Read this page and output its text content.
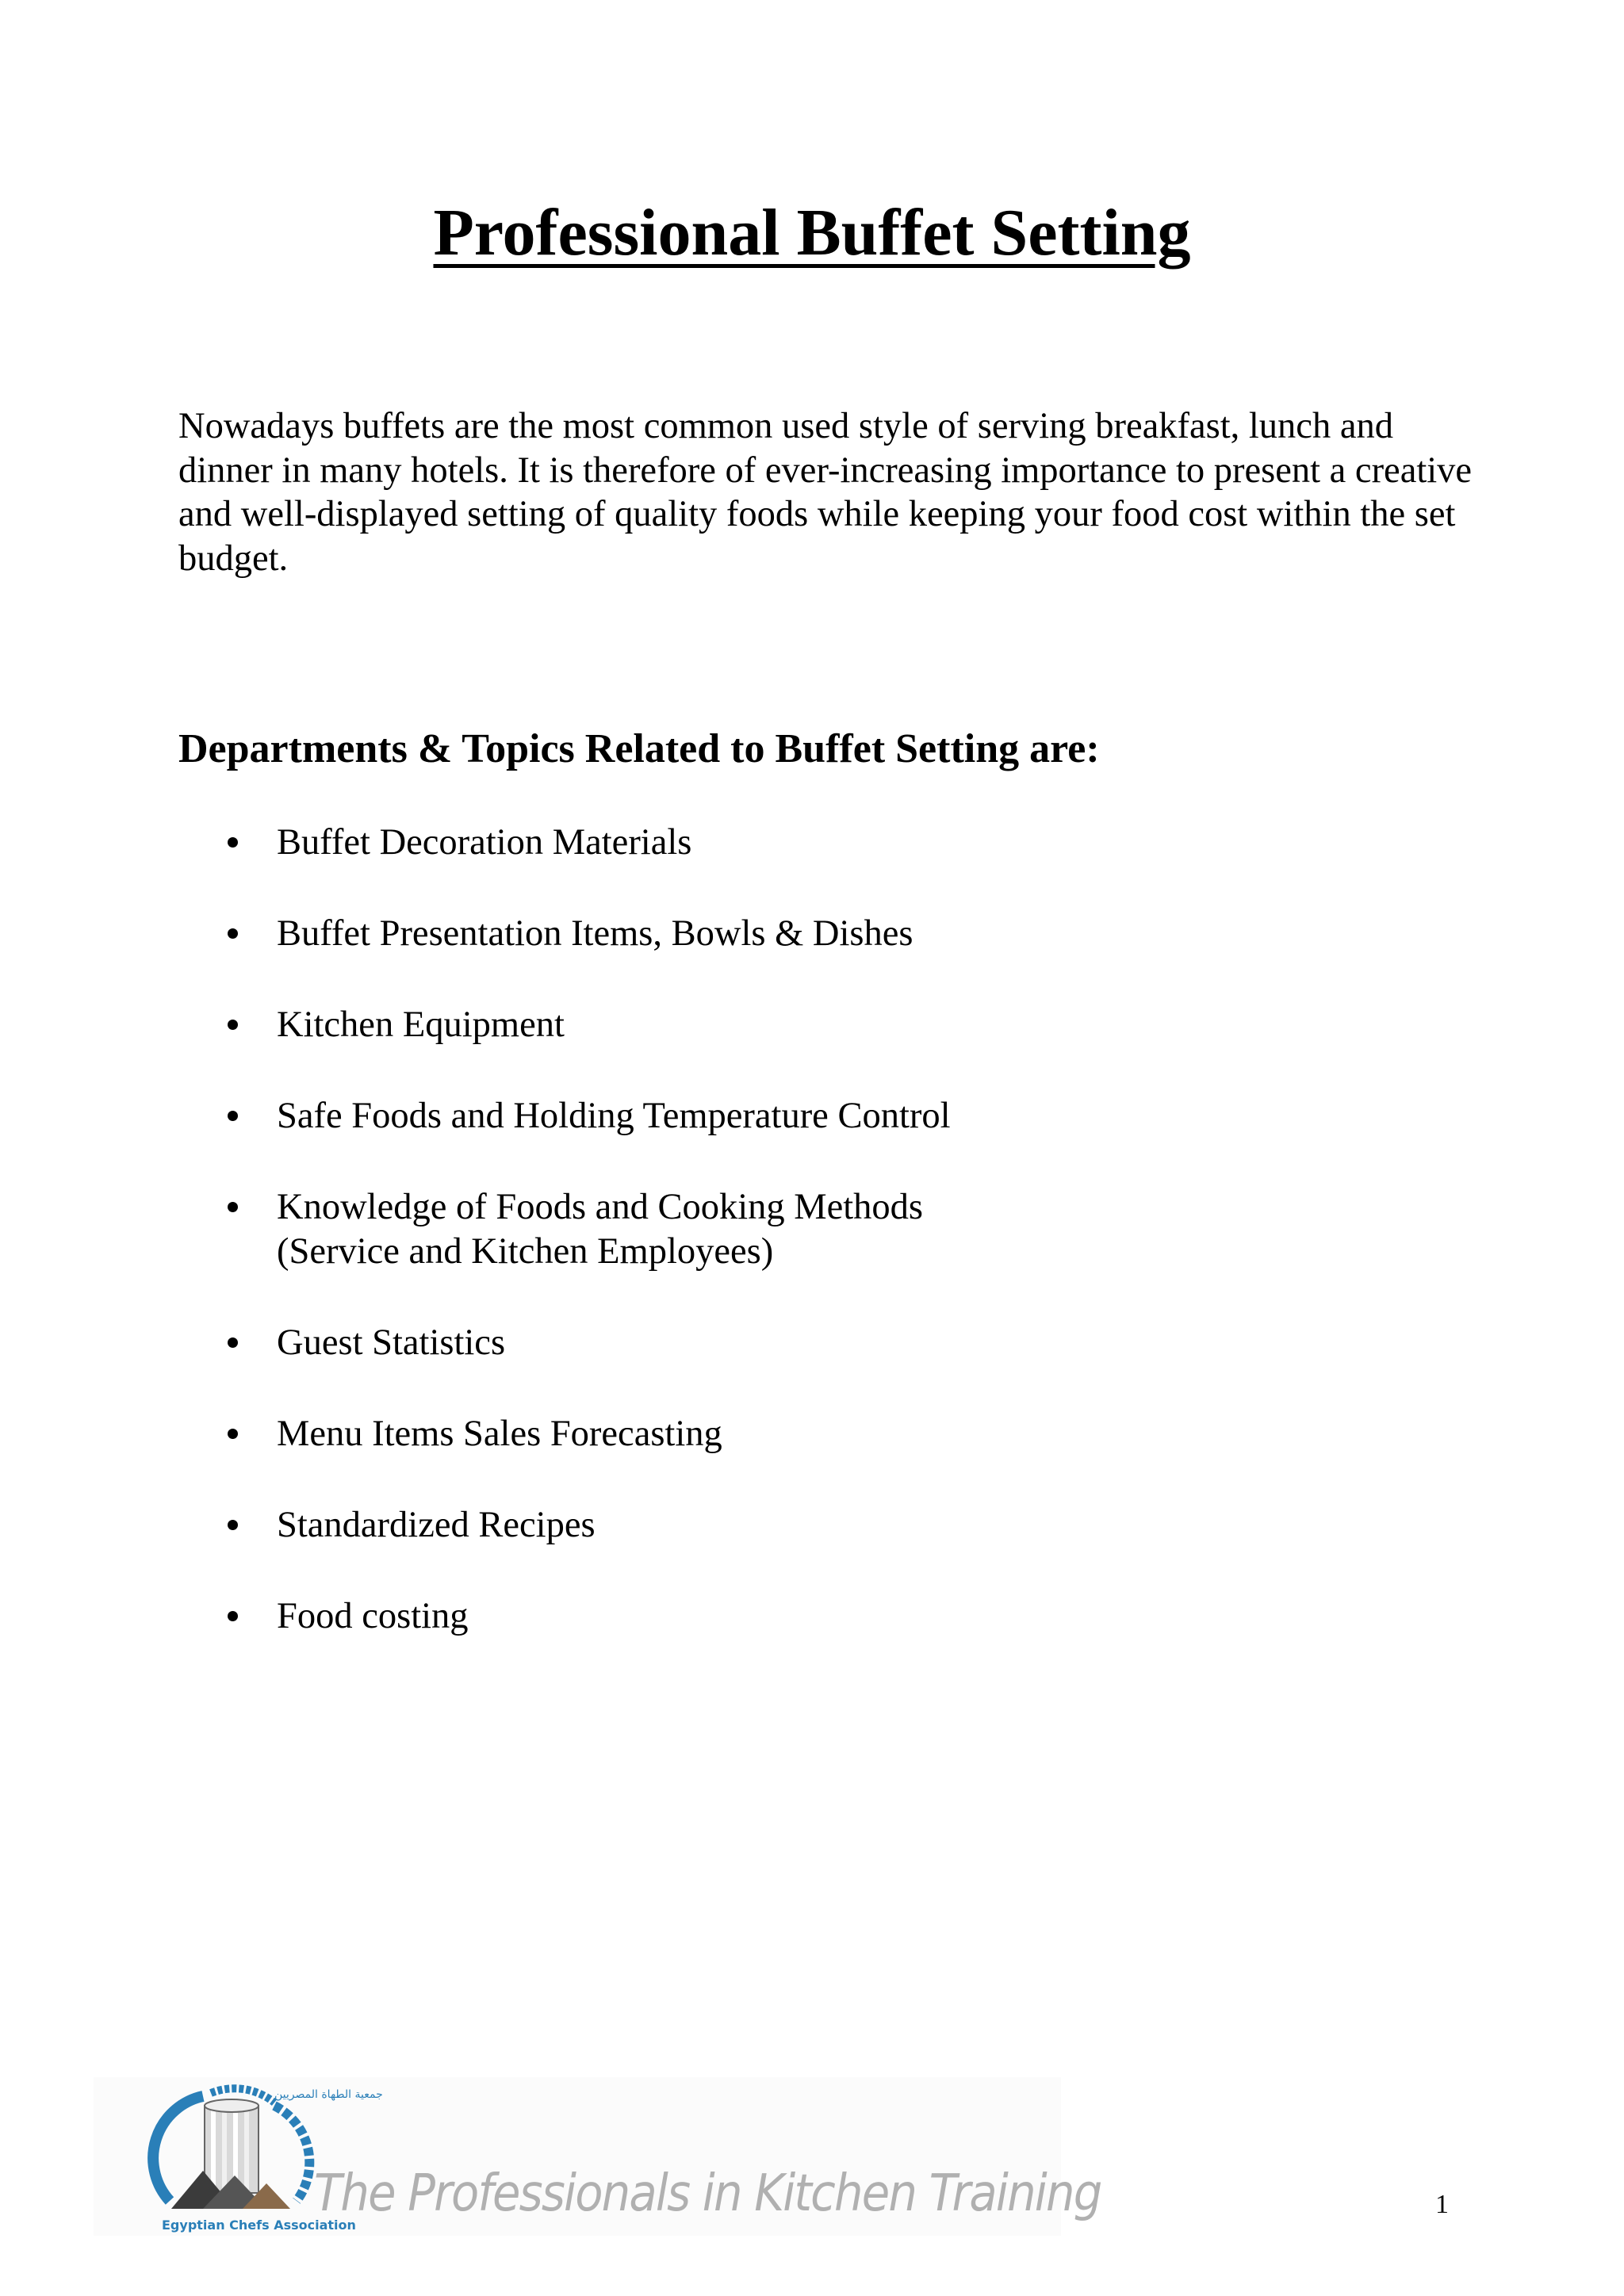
Professional Buffet Setting

Nowadays buffets are the most common used style of serving breakfast, lunch and dinner in many hotels. It is therefore of ever-increasing importance to present a creative and well-displayed setting of quality foods while keeping your food cost within the set budget.

Departments & Topics Related to Buffet Setting are:
Buffet Decoration Materials
Buffet Presentation Items, Bowls & Dishes
Kitchen Equipment
Safe Foods and Holding Temperature Control
Knowledge of Foods and Cooking Methods
(Service and Kitchen Employees)
Guest Statistics
Menu Items Sales Forecasting
Standardized Recipes
Food costing
Egyptian Chefs Association
جمعية الطهاة المصريين
The Professionals in Kitchen Training	1
